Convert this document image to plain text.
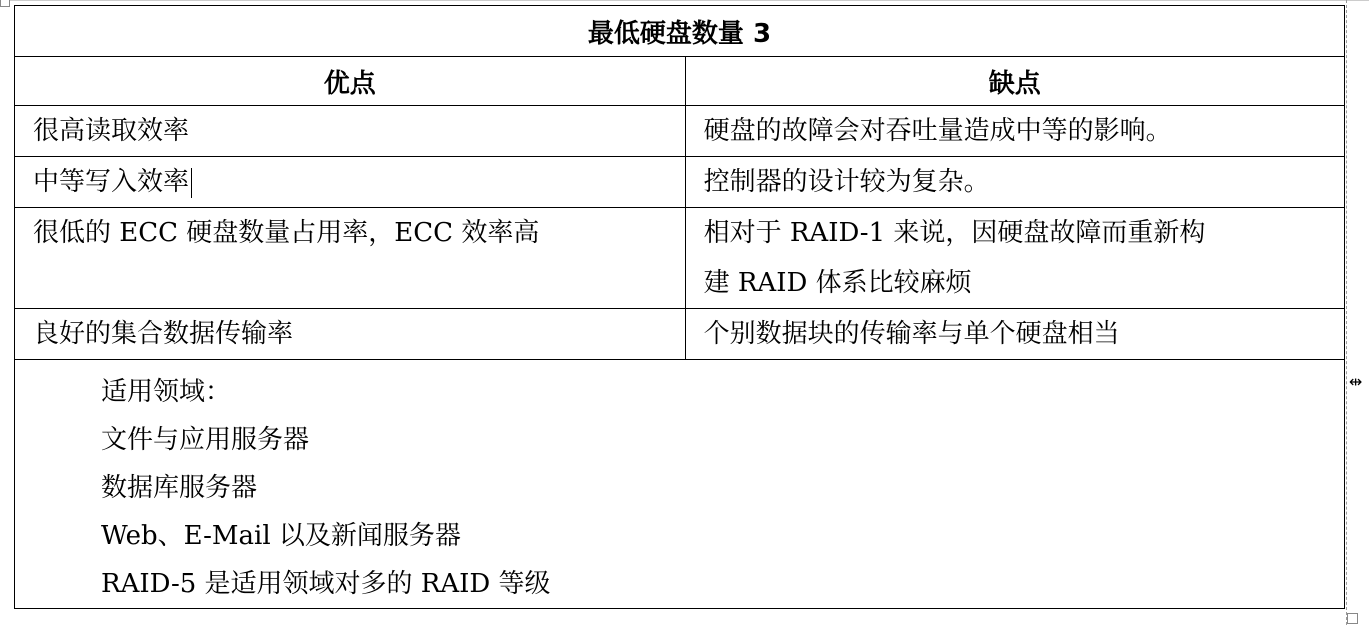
最低硬盘数量 3	
优点	缺点

很高读取效率	硬盘的故障会对吞吐量造成中等的影响。

中等写入效率	控制器的设计较为复杂。

很低的 ECC 硬盘数量占用率，ECC 效率高	相对于 RAID-1 来说，因硬盘故障而重新构
建 RAID 体系比较麻烦

良好的集合数据传输率	个别数据块的传输率与单个硬盘相当

适用领域：
文件与应用服务器
数据库服务器
Web、E-Mail 以及新闻服务器
RAID-5 是适用领域对多的 RAID 等级	
⇹
